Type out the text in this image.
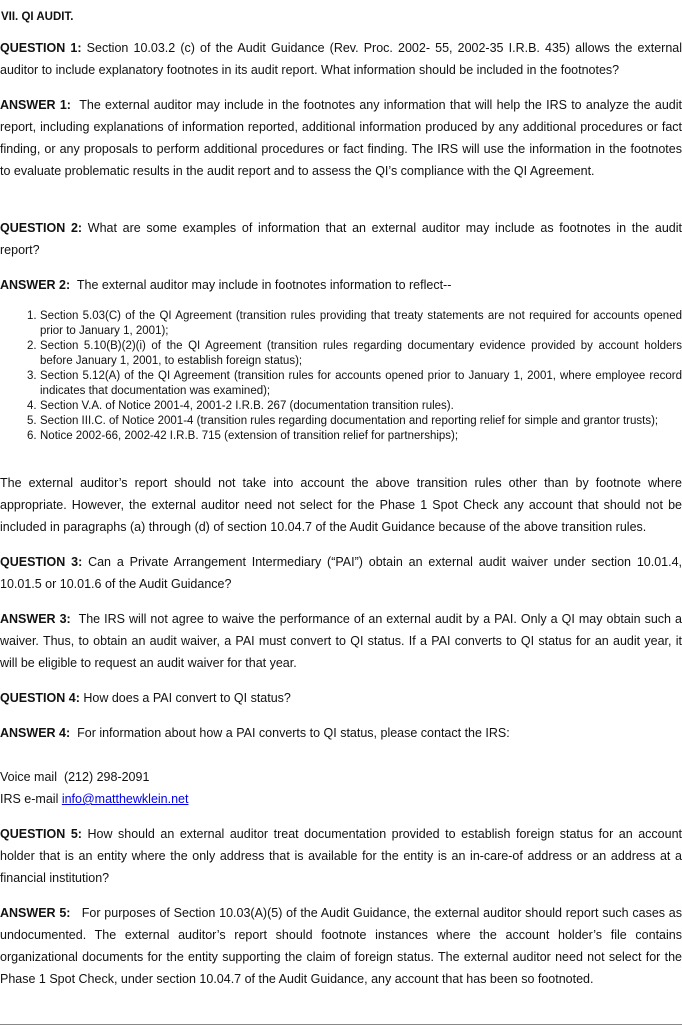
VII. QI AUDIT.

QUESTION 1: Section 10.03.2 (c) of the Audit Guidance (Rev. Proc. 2002- 55, 2002-35 I.R.B. 435) allows the external auditor to include explanatory footnotes in its audit report. What information should be included in the footnotes?

ANSWER 1: The external auditor may include in the footnotes any information that will help the IRS to analyze the audit report, including explanations of information reported, additional information produced by any additional procedures or fact finding, or any proposals to perform additional procedures or fact finding. The IRS will use the information in the footnotes to evaluate problematic results in the audit report and to assess the QI’s compliance with the QI Agreement.

QUESTION 2: What are some examples of information that an external auditor may include as footnotes in the audit report?

ANSWER 2: The external auditor may include in footnotes information to reflect--

1. Section 5.03(C) of the QI Agreement (transition rules providing that treaty statements are not required for accounts opened prior to January 1, 2001);
2. Section 5.10(B)(2)(i) of the QI Agreement (transition rules regarding documentary evidence provided by account holders before January 1, 2001, to establish foreign status);
3. Section 5.12(A) of the QI Agreement (transition rules for accounts opened prior to January 1, 2001, where employee record indicates that documentation was examined);
4. Section V.A. of Notice 2001-4, 2001-2 I.R.B. 267 (documentation transition rules).
5. Section III.C. of Notice 2001-4 (transition rules regarding documentation and reporting relief for simple and grantor trusts);
6. Notice 2002-66, 2002-42 I.R.B. 715 (extension of transition relief for partnerships);

The external auditor’s report should not take into account the above transition rules other than by footnote where appropriate. However, the external auditor need not select for the Phase 1 Spot Check any account that should not be included in paragraphs (a) through (d) of section 10.04.7 of the Audit Guidance because of the above transition rules.

QUESTION 3: Can a Private Arrangement Intermediary (“PAI”) obtain an external audit waiver under section 10.01.4, 10.01.5 or 10.01.6 of the Audit Guidance?

ANSWER 3: The IRS will not agree to waive the performance of an external audit by a PAI. Only a QI may obtain such a waiver. Thus, to obtain an audit waiver, a PAI must convert to QI status. If a PAI converts to QI status for an audit year, it will be eligible to request an audit waiver for that year.

QUESTION 4: How does a PAI convert to QI status?

ANSWER 4: For information about how a PAI converts to QI status, please contact the IRS:

Voice mail (212) 298-2091
IRS e-mail info@matthewklein.net

QUESTION 5: How should an external auditor treat documentation provided to establish foreign status for an account holder that is an entity where the only address that is available for the entity is an in-care-of address or an address at a financial institution?

ANSWER 5: For purposes of Section 10.03(A)(5) of the Audit Guidance, the external auditor should report such cases as undocumented. The external auditor’s report should footnote instances where the account holder’s file contains organizational documents for the entity supporting the claim of foreign status. The external auditor need not select for the Phase 1 Spot Check, under section 10.04.7 of the Audit Guidance, any account that has been so footnoted.
